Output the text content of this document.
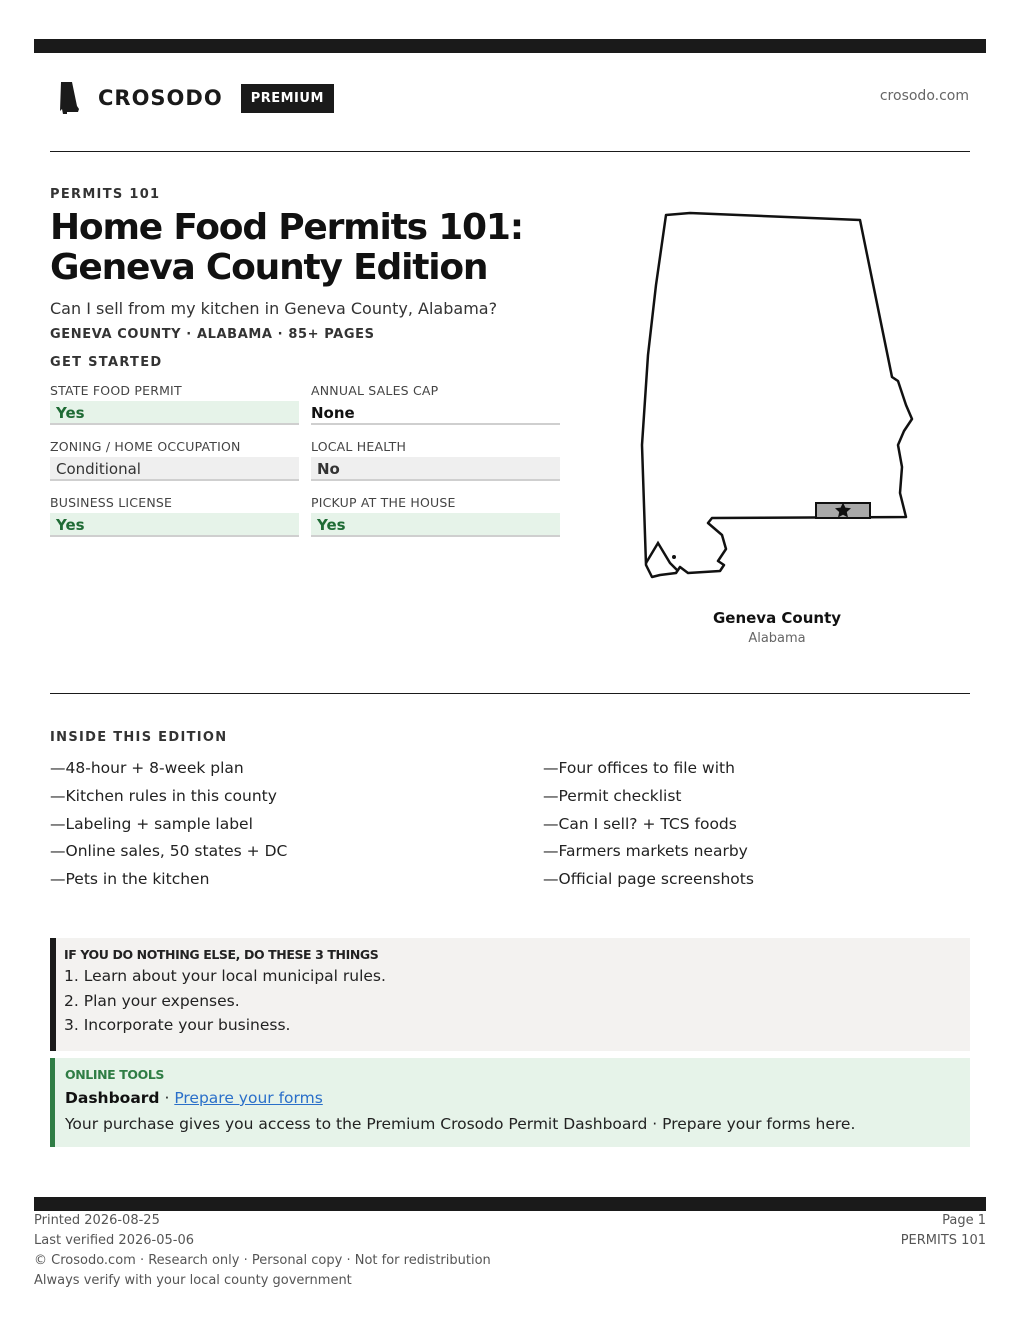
CROSODO	PREMIUM	crosodo.com
PERMITS 101
Home Food Permits 101: Geneva County Edition
Can I sell from my kitchen in Geneva County, Alabama?
GENEVA COUNTY · ALABAMA · 85+ PAGES
GET STARTED
STATE FOOD PERMIT
Yes
ANNUAL SALES CAP
None
ZONING / HOME OCCUPATION
Conditional
LOCAL HEALTH
No
BUSINESS LICENSE
Yes
PICKUP AT THE HOUSE
Yes
Geneva County
Alabama
INSIDE THIS EDITION
—48-hour + 8-week plan
—Kitchen rules in this county
—Labeling + sample label
—Online sales, 50 states + DC
—Pets in the kitchen
—Four offices to file with
—Permit checklist
—Can I sell? + TCS foods
—Farmers markets nearby
—Official page screenshots
IF YOU DO NOTHING ELSE, DO THESE 3 THINGS
1. Learn about your local municipal rules.
2. Plan your expenses.
3. Incorporate your business.
ONLINE TOOLS
Dashboard · Prepare your forms
Your purchase gives you access to the Premium Crosodo Permit Dashboard · Prepare your forms here.
Printed 2026-08-25
Last verified 2026-05-06
© Crosodo.com · Research only · Personal copy · Not for redistribution
Always verify with your local county government
Page 1
PERMITS 101
